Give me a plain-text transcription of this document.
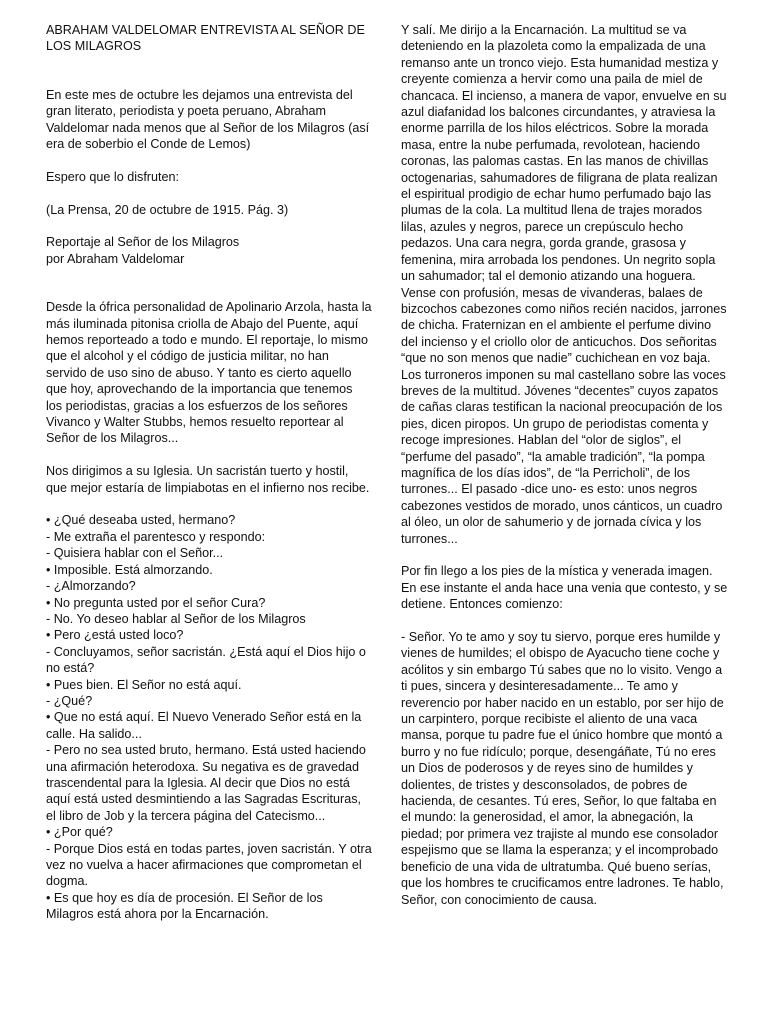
ABRAHAM VALDELOMAR ENTREVISTA AL SEÑOR DE LOS MILAGROS

En este mes de octubre les dejamos una entrevista del gran literato, periodista y poeta peruano, Abraham Valdelomar nada menos que al Señor de los Milagros (así era de soberbio el Conde de Lemos)

Espero que lo disfruten:

(La Prensa, 20 de octubre de 1915. Pág. 3)

Reportaje al Señor de los Milagros

por Abraham Valdelomar

Desde la ófrica personalidad de Apolinario Arzola, hasta la más iluminada pitonisa criolla de Abajo del Puente, aquí hemos reporteado a todo e mundo. El reportaje, lo mismo que el alcohol y el código de justicia militar, no han servido de uso sino de abuso. Y tanto es cierto aquello que hoy, aprovechando de la importancia que tenemos los periodistas, gracias a los esfuerzos de los señores Vivanco y Walter Stubbs, hemos resuelto reportear al Señor de los Milagros...

Nos dirigimos a su Iglesia. Un sacristán tuerto y hostil, que mejor estaría de limpiabotas en el infierno nos recibe.

• ¿Qué deseaba usted, hermano?

- Me extraña el parentesco y respondo:

- Quisiera hablar con el Señor...

• Imposible. Está almorzando.

- ¿Almorzando?

• No pregunta usted por el señor Cura?

- No. Yo deseo hablar al Señor de los Milagros

• Pero ¿está usted loco?

- Concluyamos, señor sacristán. ¿Está aquí el Dios hijo o no está?

• Pues bien. El Señor no está aquí.

- ¿Qué?

• Que no está aquí. El Nuevo Venerado Señor está en la calle. Ha salido...

- Pero no sea usted bruto, hermano. Está usted haciendo una afirmación heterodoxa. Su negativa es de gravedad trascendental para la Iglesia. Al decir que Dios no está aquí está usted desmintiendo a las Sagradas Escrituras, el libro de Job y la tercera página del Catecismo...

• ¿Por qué?

- Porque Dios está en todas partes, joven sacristán. Y otra vez no vuelva a hacer afirmaciones que comprometan el dogma.

• Es que hoy es día de procesión. El Señor de los Milagros está ahora por la Encarnación.

Y salí. Me dirijo a la Encarnación. La multitud se va deteniendo en la plazoleta como la empalizada de una remanso ante un tronco viejo. Esta humanidad mestiza y creyente comienza a hervir como una paila de miel de chancaca. El incienso, a manera de vapor, envuelve en su azul diafanidad los balcones circundantes, y atraviesa la enorme parrilla de los hilos eléctricos. Sobre la morada masa, entre la nube perfumada, revolotean, haciendo coronas, las palomas castas. En las manos de chivillas octogenarias, sahumadores de filigrana de plata realizan el espiritual prodigio de echar humo perfumado bajo las plumas de la cola. La multitud llena de trajes morados lilas, azules y negros, parece un crepúsculo hecho pedazos. Una cara negra, gorda grande, grasosa y femenina, mira arrobada los pendones. Un negrito sopla un sahumador; tal el demonio atizando una hoguera. Vense con profusión, mesas de vivanderas, balaes de bizcochos cabezones como niños recién nacidos, jarrones de chicha. Fraternizan en el ambiente el perfume divino del incienso y el criollo olor de anticuchos. Dos señoritas “que no son menos que nadie” cuchichean en voz baja. Los turroneros imponen su mal castellano sobre las voces breves de la multitud. Jóvenes “decentes” cuyos zapatos de cañas claras testifican la nacional preocupación de los pies, dicen piropos. Un grupo de periodistas comenta y recoge impresiones. Hablan del “olor de siglos”, el “perfume del pasado”, “la amable tradición”, “la pompa magnífica de los días idos”, de “la Perricholi”, de los turrones... El pasado -dice uno- es esto: unos negros cabezones vestidos de morado, unos cánticos, un cuadro al óleo, un olor de sahumerio y de jornada cívica y los turrones...

Por fin llego a los pies de la mística y venerada imagen. En ese instante el anda hace una venia que contesto, y se detiene. Entonces comienzo:

- Señor. Yo te amo y soy tu siervo, porque eres humilde y vienes de humildes; el obispo de Ayacucho tiene coche y acólitos y sin embargo Tú sabes que no lo visito. Vengo a ti pues, sincera y desinteresadamente... Te amo y reverencio por haber nacido en un establo, por ser hijo de un carpintero, porque recibiste el aliento de una vaca mansa, porque tu padre fue el único hombre que montó a burro y no fue ridículo; porque, desengáñate, Tú no eres un Dios de poderosos y de reyes sino de humildes y dolientes, de tristes y desconsolados, de pobres de hacienda, de cesantes. Tú eres, Señor, lo que faltaba en el mundo: la generosidad, el amor, la abnegación, la piedad; por primera vez trajiste al mundo ese consolador espejismo que se llama la esperanza; y el incomprobado beneficio de una vida de ultratumba. Qué bueno serías, que los hombres te crucificamos entre ladrones. Te hablo, Señor, con conocimiento de causa.
